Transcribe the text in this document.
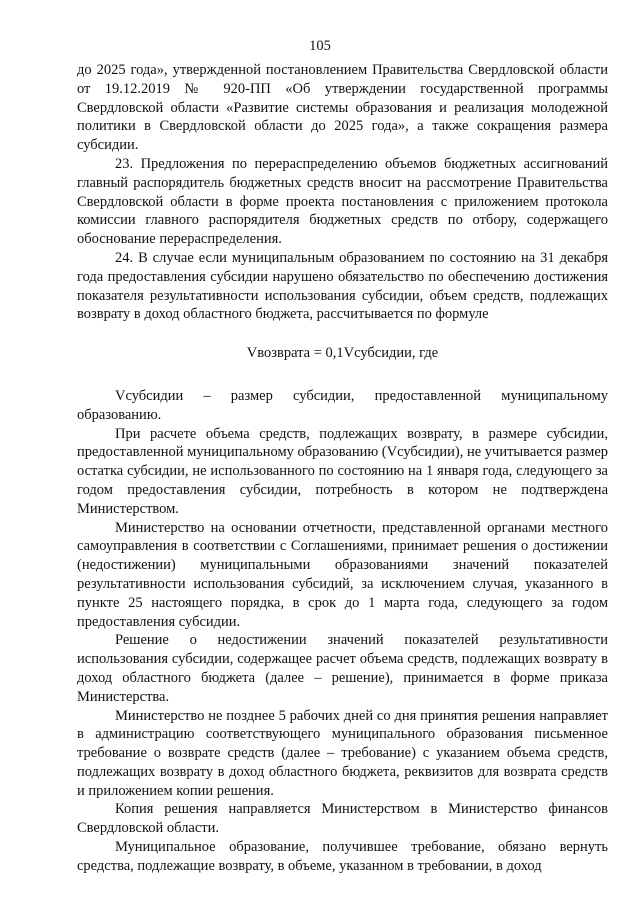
105

до 2025 года», утвержденной постановлением Правительства Свердловской области от 19.12.2019 № 920-ПП «Об утверждении государственной программы Свердловской области «Развитие системы образования и реализация молодежной политики в Свердловской области до 2025 года», а также сокращения размера субсидии.

23. Предложения по перераспределению объемов бюджетных ассигнований главный распорядитель бюджетных средств вносит на рассмотрение Правительства Свердловской области в форме проекта постановления с приложением протокола комиссии главного распорядителя бюджетных средств по отбору, содержащего обоснование перераспределения.

24. В случае если муниципальным образованием по состоянию на 31 декабря года предоставления субсидии нарушено обязательство по обеспечению достижения показателя результативности использования субсидии, объем средств, подлежащих возврату в доход областного бюджета, рассчитывается по формуле

Vвозврата = 0,1Vсубсидии, где

Vсубсидии – размер субсидии, предоставленной муниципальному образованию.

При расчете объема средств, подлежащих возврату, в размере субсидии, предоставленной муниципальному образованию (Vсубсидии), не учитывается размер остатка субсидии, не использованного по состоянию на 1 января года, следующего за годом предоставления субсидии, потребность в котором не подтверждена Министерством.

Министерство на основании отчетности, представленной органами местного самоуправления в соответствии с Соглашениями, принимает решения о достижении (недостижении) муниципальными образованиями значений показателей результативности использования субсидий, за исключением случая, указанного в пункте 25 настоящего порядка, в срок до 1 марта года, следующего за годом предоставления субсидии.

Решение о недостижении значений показателей результативности использования субсидии, содержащее расчет объема средств, подлежащих возврату в доход областного бюджета (далее – решение), принимается в форме приказа Министерства.

Министерство не позднее 5 рабочих дней со дня принятия решения направляет в администрацию соответствующего муниципального образования письменное требование о возврате средств (далее – требование) с указанием объема средств, подлежащих возврату в доход областного бюджета, реквизитов для возврата средств и приложением копии решения.

Копия решения направляется Министерством в Министерство финансов Свердловской области.

Муниципальное образование, получившее требование, обязано вернуть средства, подлежащие возврату, в объеме, указанном в требовании, в доход
